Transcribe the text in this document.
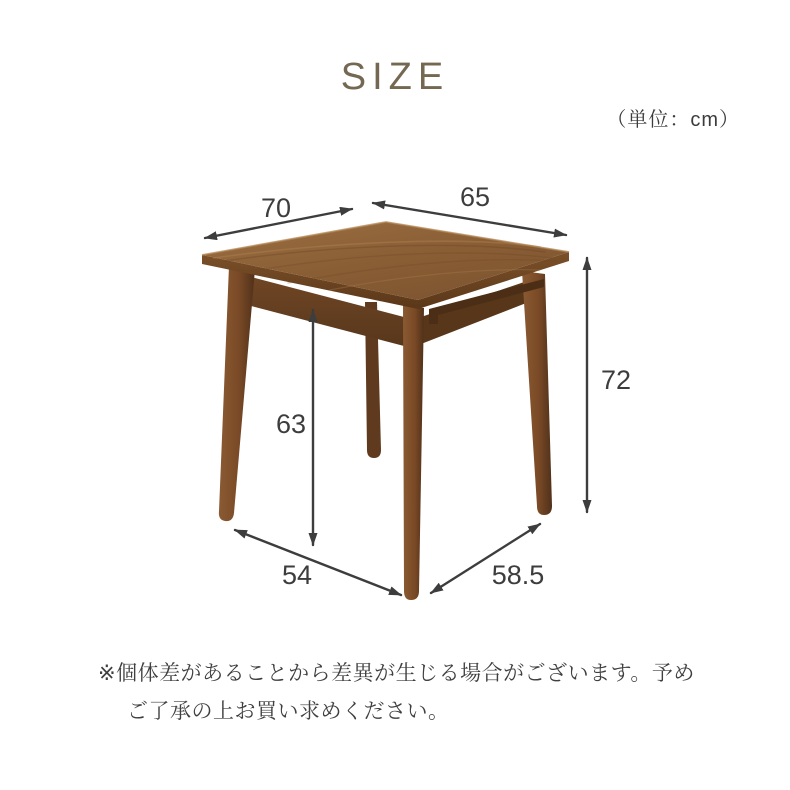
SIZE
（単位：cm）
70	65
72
63
54	58.5
※個体差があることから差異が生じる場合がございます。予め
ご了承の上お買い求めください。
